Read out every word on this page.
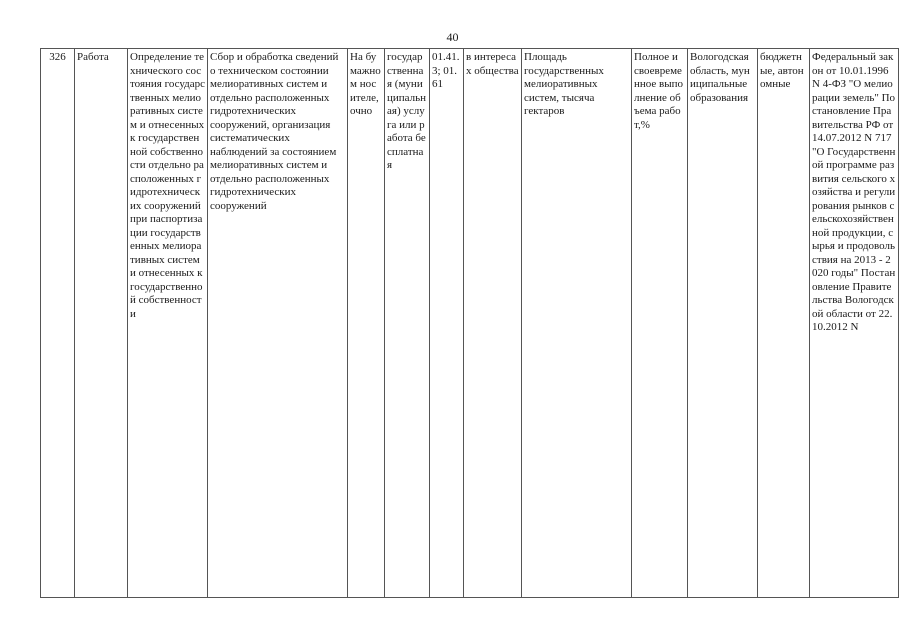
40
326	Работа	Определение технического состояния государственных мелиоративных систем и отнесенных к государственной собственности отдельно расположенных гидротехнических сооружений при паспортизации государственных мелиоративных систем и отнесенных к государственной собственности	Сбор и обработка сведений о техническом состоянии мелиоративных систем и отдельно расположенных гидротехнических сооружений, организация систематических наблюдений за состоянием мелиоративных систем и отдельно расположенных гидротехнических сооружений	На бумажном носителе, очно	государственная (муниципальная) услуга или работа бесплатная	01.41.3; 01.61	в интересах общества	Площадь государственных мелиоративных систем, тысяча гектаров	Полное и своевременное выполнение объема работ,%	Вологодская область, муниципальные образования	бюджетные, автономные	Федеральный закон от 10.01.1996 N 4-ФЗ "О мелиорации земель" Постановление Правительства РФ от 14.07.2012 N 717 "О Государственной программе развития сельского хозяйства и регулирования рынков сельскохозяйственной продукции, сырья и продовольствия на 2013 - 2020 годы" Постановление Правительства Вологодской области от 22.10.2012 N
